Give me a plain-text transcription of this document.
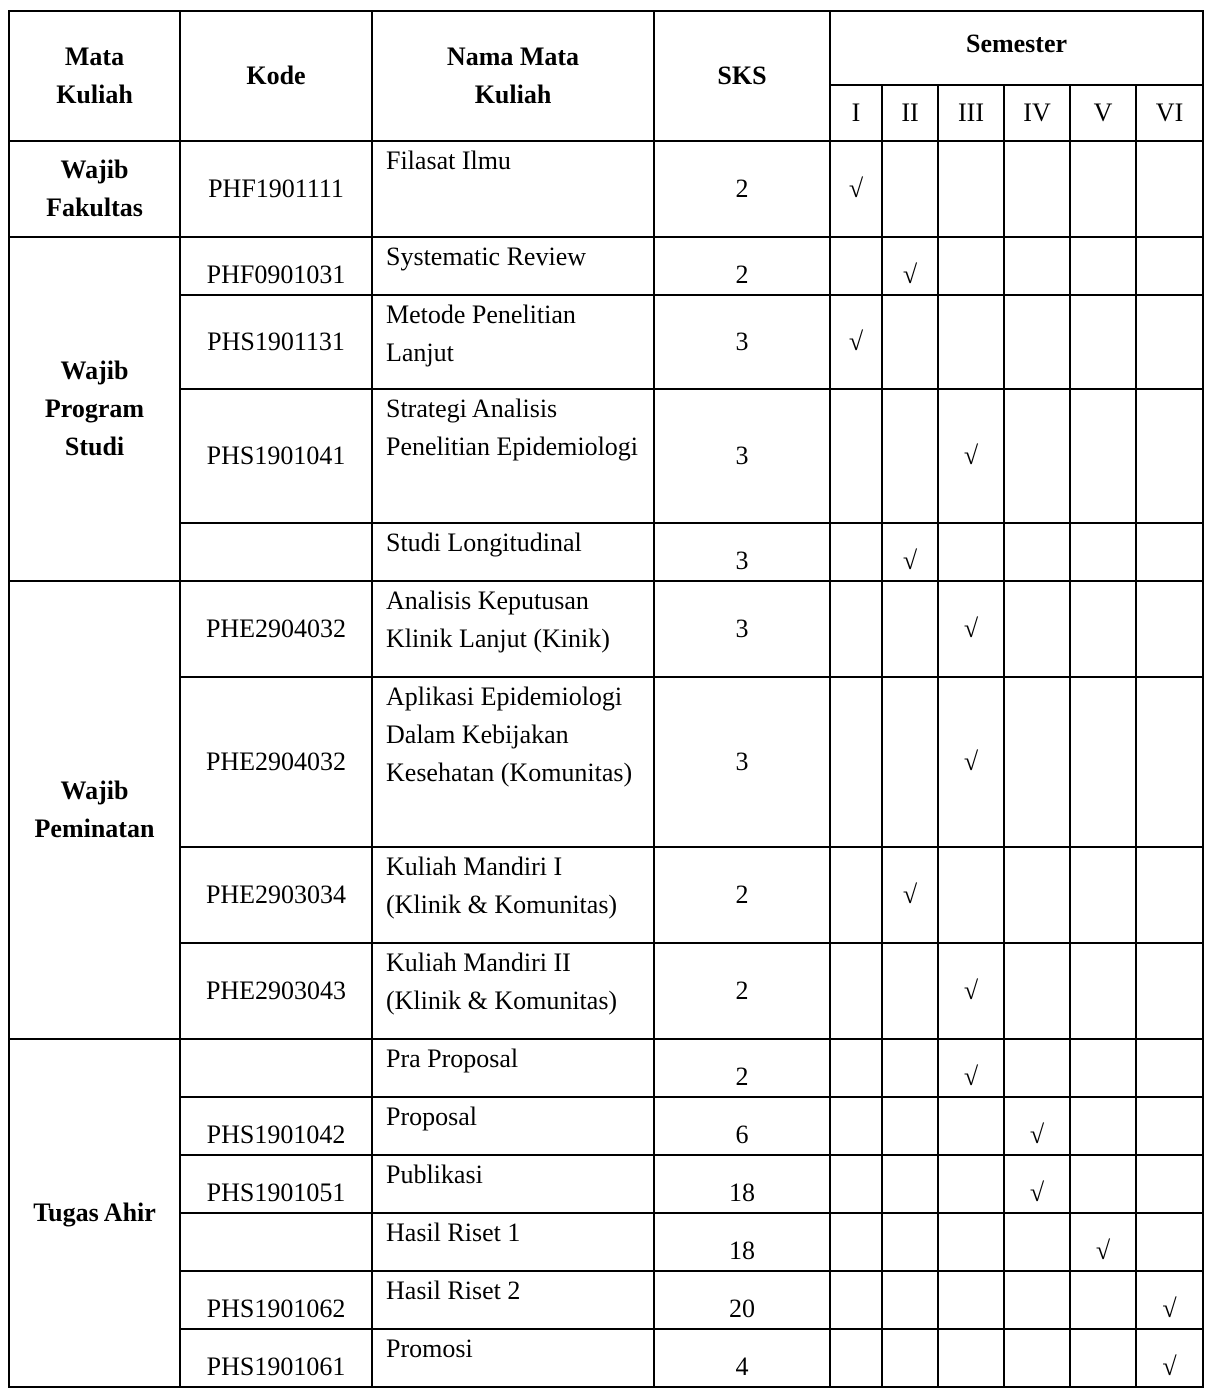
Mata Kuliah	Kode	Nama Mata Kuliah	SKS	Semester					
				I	II	III	IV	V	VI
Wajib Fakultas	PHF1901111	Filasat Ilmu	2	√					
Wajib Program Studi	PHF0901031	Systematic Review	2		√				
	PHS1901131	Metode Penelitian Lanjut	3	√					
	PHS1901041	Strategi Analisis Penelitian Epidemiologi	3			√			
		Studi Longitudinal	3		√				
Wajib Peminatan	PHE2904032	Analisis Keputusan Klinik Lanjut (Kinik)	3			√			
	PHE2904032	Aplikasi Epidemiologi Dalam Kebijakan Kesehatan (Komunitas)	3			√			
	PHE2903034	Kuliah Mandiri I (Klinik & Komunitas)	2		√				
	PHE2903043	Kuliah Mandiri II (Klinik & Komunitas)	2			√			
Tugas Ahir		Pra Proposal	2			√			
	PHS1901042	Proposal	6				√		
	PHS1901051	Publikasi	18				√		
		Hasil Riset 1	18					√	
	PHS1901062	Hasil Riset 2	20						√
	PHS1901061	Promosi	4						√
